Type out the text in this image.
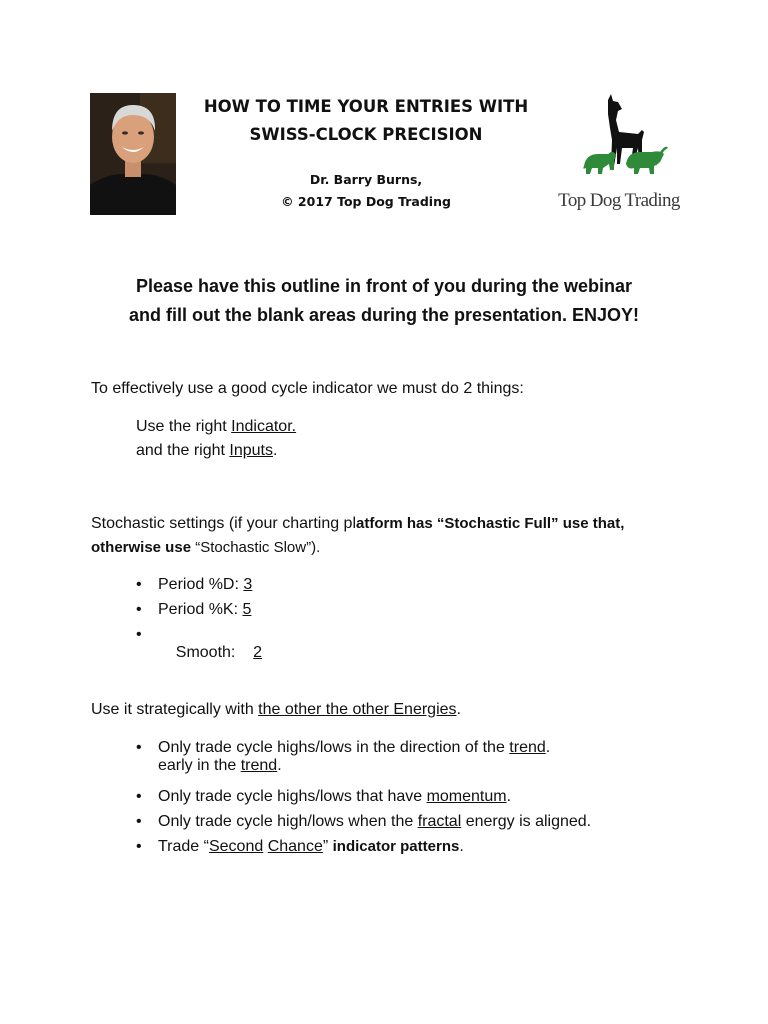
HOW TO TIME YOUR ENTRIES WITH
SWISS-CLOCK PRECISION
Dr. Barry Burns,
© 2017 Top Dog Trading	Top Dog Trading
Please have this outline in front of you during the webinar
and fill out the blank areas during the presentation. ENJOY!
To effectively use a good cycle indicator we must do 2 things:
Use the right Indicator.
and the right Inputs.
Stochastic settings (if your charting platform has “Stochastic Full” use that,
otherwise use “Stochastic Slow”).
• Period %D: 3
• Period %K: 5

•
Smooth:    2

Use it strategically with the other the other Energies.
• Only trade cycle highs/lows in the direction of the trend.
early in the trend.
• Only trade cycle highs/lows that have momentum.
• Only trade cycle high/lows when the fractal energy is aligned.
• Trade “Second Chance” indicator patterns.
